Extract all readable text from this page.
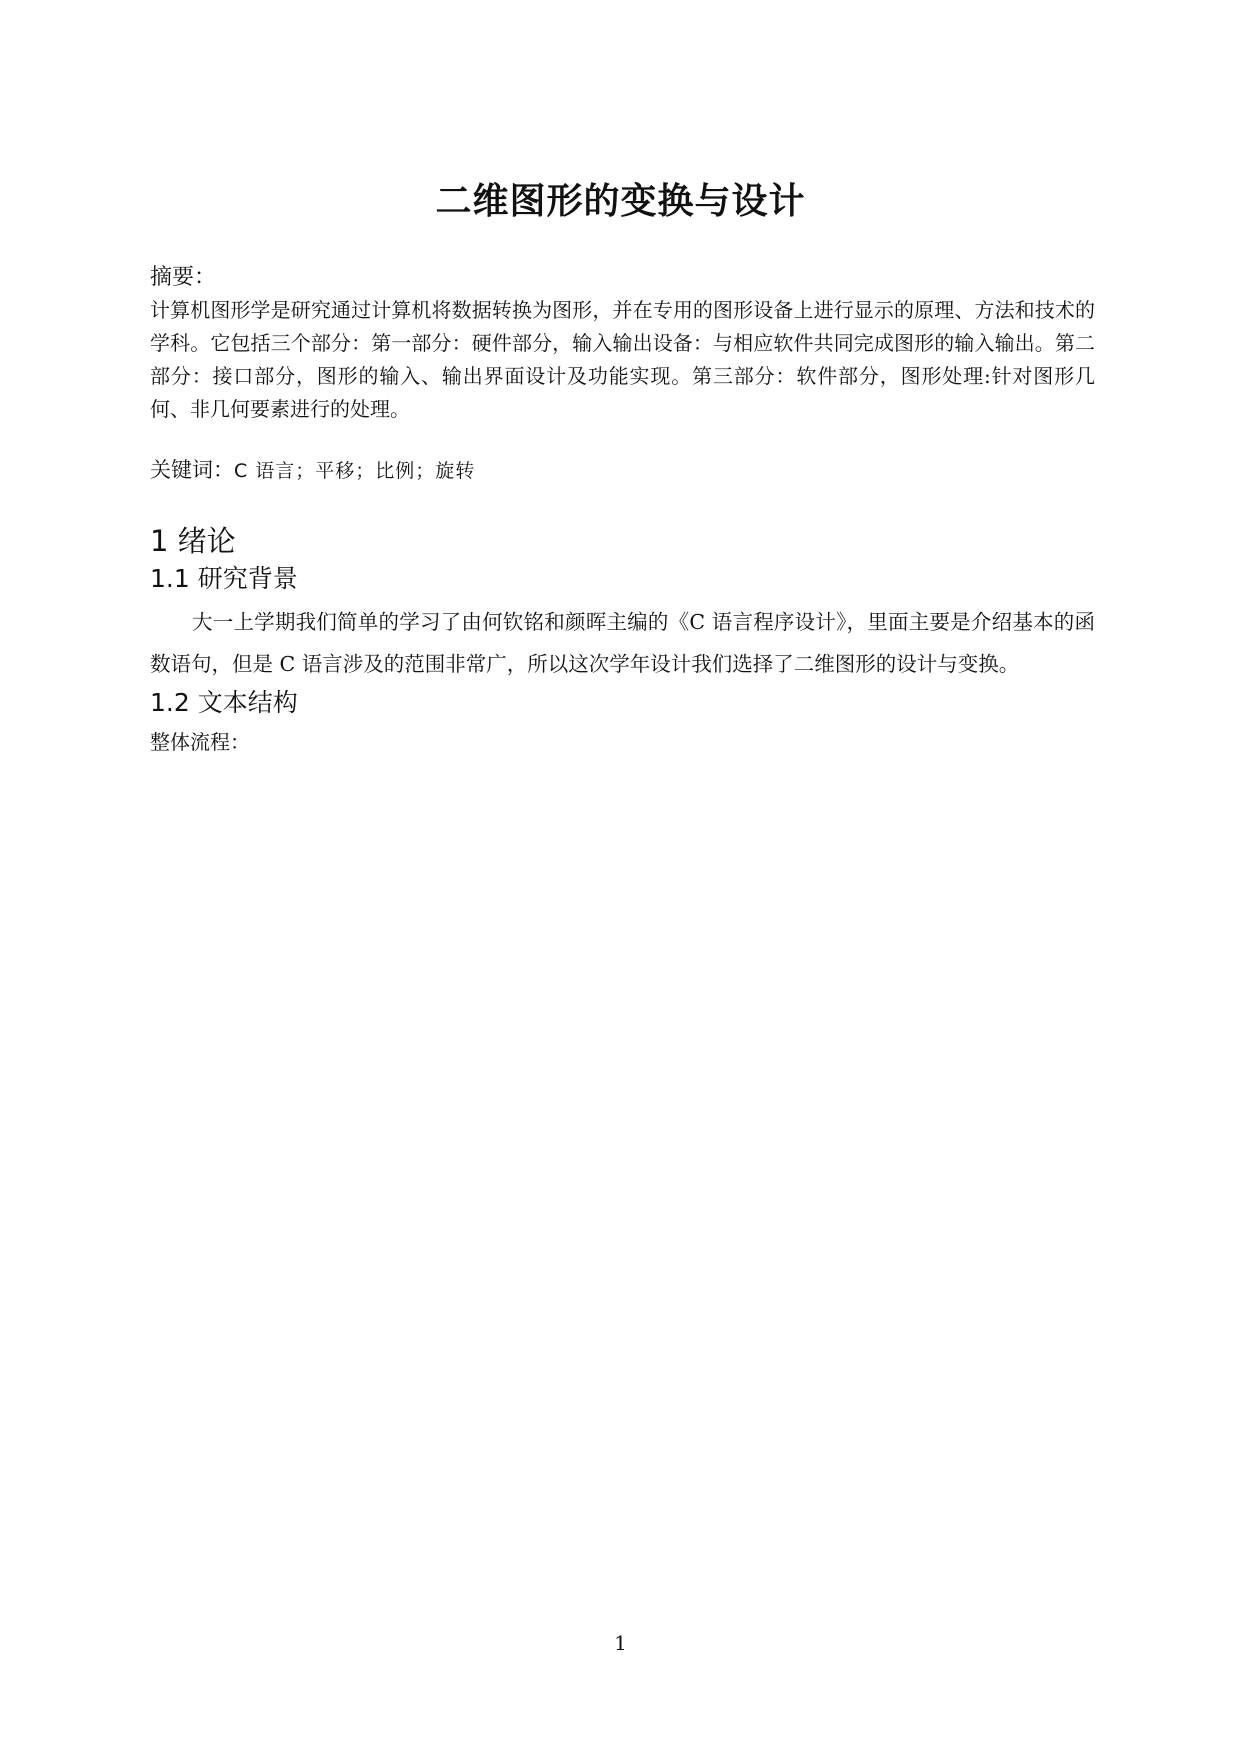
二维图形的变换与设计

摘要：

计算机图形学是研究通过计算机将数据转换为图形，并在专用的图形设备上进行显示的原理、方法和技术的学科。它包括三个部分：第一部分：硬件部分，输入输出设备：与相应软件共同完成图形的输入输出。第二部分：接口部分，图形的输入、输出界面设计及功能实现。第三部分：软件部分，图形处理:针对图形几何、非几何要素进行的处理。

关键词：C 语言；平移；比例；旋转
1 绪论
1.1 研究背景

大一上学期我们简单的学习了由何钦铭和颜晖主编的《C 语言程序设计》，里面主要是介绍基本的函数语句，但是 C 语言涉及的范围非常广，所以这次学年设计我们选择了二维图形的设计与变换。

1.2 文本结构
整体流程：
1
